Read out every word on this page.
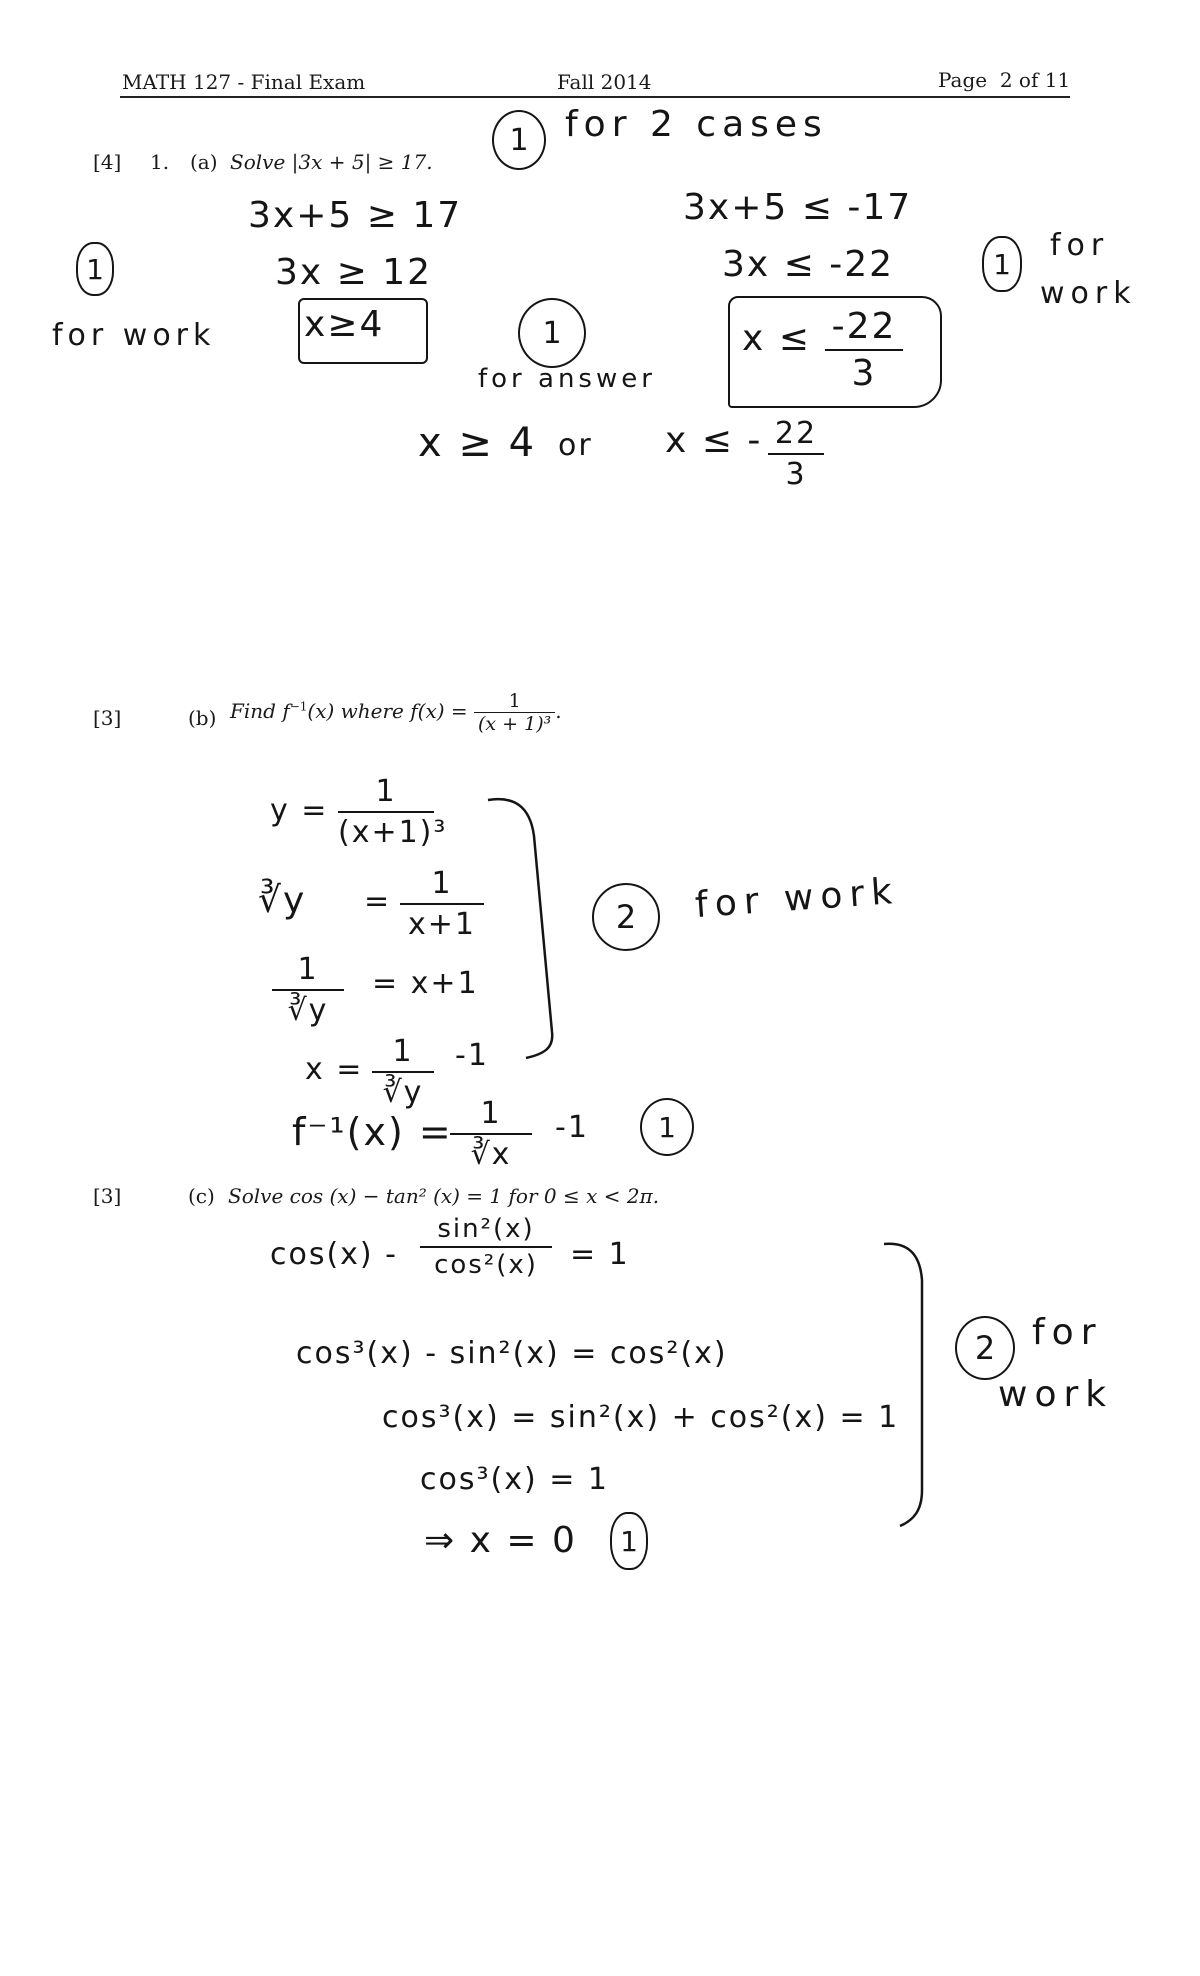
MATH 127 - Final Exam	Fall 2014	Page  2 of 11
[4] 1. (a) Solve |3x + 5| ≥ 17.
1 for 2 cases
3x+5 ≥ 17
3x ≥ 12
x≥4
1
for work	1
for answer
3x+5 ≤ -17
3x ≤ -22
x ≤ -22
3
1
for
work
x ≥ 4 or x ≤ - 22
3
[3]	(b) Find $f^{-1}(x)$ where $f(x) = \frac{1}{\text{(x + 1)³}}$ .
y =
1
(x+1)³
∛y =
1
x+1
1
∛y
= x+1
x =
1
∛y
-1
2 for work
f⁻¹(x) = 1
∛x
-1 1
[3]	(c) Solve cos (x) − tan² (x) = 1 for 0 ≤ x < 2π.
cos(x) -
sin²(x)
cos²(x)	= 1
cos³(x) - sin²(x) = cos²(x)
cos³(x) = sin²(x) + cos²(x) = 1
cos³(x) = 1
⇒ x = 0 1
2 for
work
